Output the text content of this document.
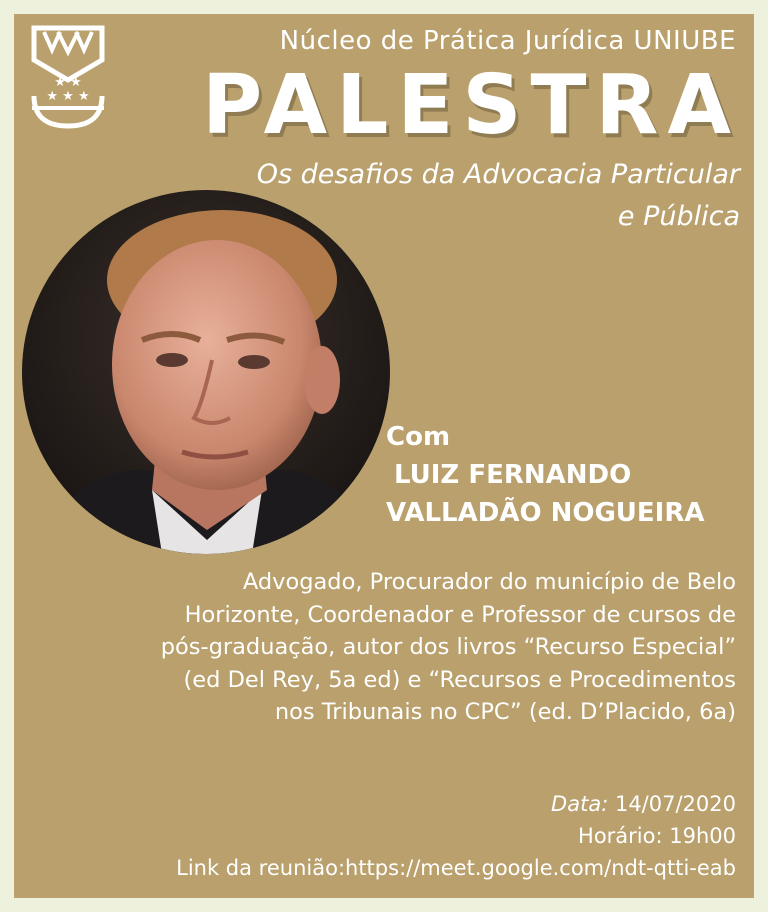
★ ★
★ ★ ★
Núcleo de Prática Jurídica UNIUBE
PALESTRA
Os desafios da Advocacia Particular
e Pública
Com
LUIZ FERNANDO
VALLADÃO NOGUEIRA
Advogado, Procurador do município de Belo
Horizonte, Coordenador e Professor de cursos de
pós-graduação, autor dos livros “Recurso Especial”
(ed Del Rey, 5a ed) e “Recursos e Procedimentos
nos Tribunais no CPC” (ed. D’Placido, 6a)
Data: 14/07/2020
Horário: 19h00
Link da reunião:https://meet.google.com/ndt-qtti-eab
